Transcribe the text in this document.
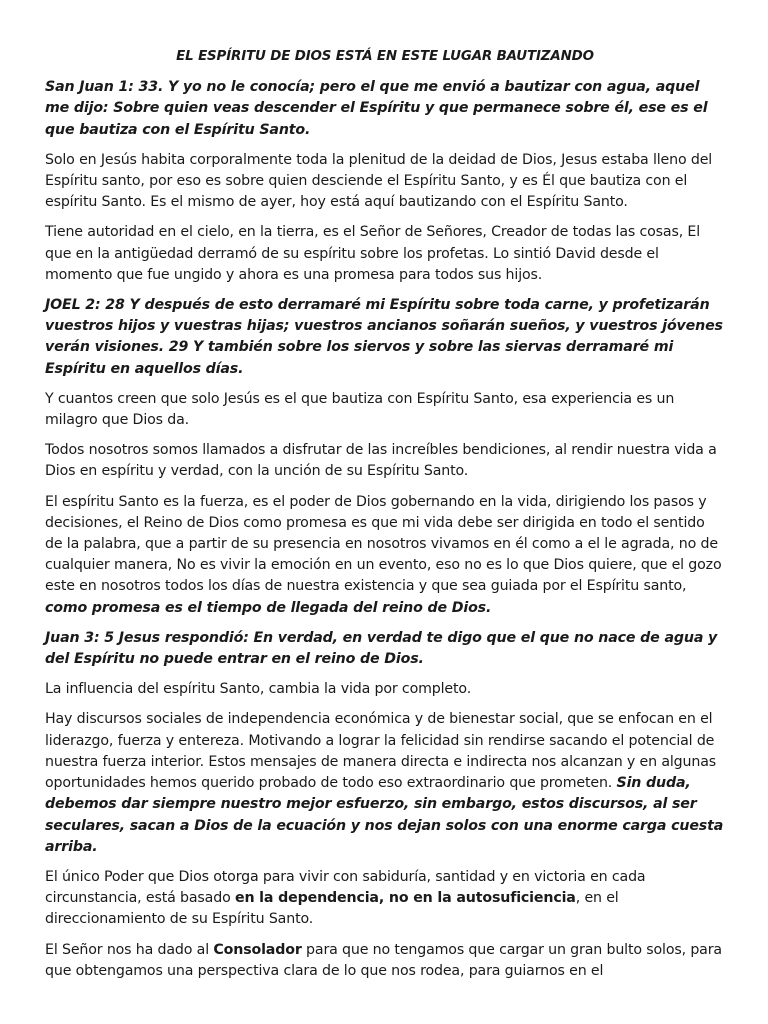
EL ESPÍRITU DE DIOS ESTÁ EN ESTE LUGAR BAUTIZANDO
San Juan 1: 33. Y yo no le conocía; pero el que me envió a bautizar con agua, aquel me dijo: Sobre quien veas descender el Espíritu y que permanece sobre él, ese es el que bautiza con el Espíritu Santo.
Solo en Jesús habita corporalmente toda la plenitud de la deidad de Dios, Jesus estaba lleno del Espíritu santo, por eso es sobre quien desciende el Espíritu Santo, y es Él que bautiza con el espíritu Santo. Es el mismo de ayer, hoy está aquí bautizando con el Espíritu Santo.
Tiene autoridad en el cielo, en la tierra, es el Señor de Señores, Creador de todas las cosas, El que en la antigüedad derramó de su espíritu sobre los profetas. Lo sintió David desde el momento que fue ungido y ahora es una promesa para todos sus hijos.
JOEL 2: 28 Y después de esto derramaré mi Espíritu sobre toda carne, y profetizarán vuestros hijos y vuestras hijas; vuestros ancianos soñarán sueños, y vuestros jóvenes verán visiones. 29 Y también sobre los siervos y sobre las siervas derramaré mi Espíritu en aquellos días.
Y cuantos creen que solo Jesús es el que bautiza con Espíritu Santo, esa experiencia es un milagro que Dios da.
Todos nosotros somos llamados a disfrutar de las increíbles bendiciones, al rendir nuestra vida a Dios en espíritu y verdad, con la unción de su Espíritu Santo.
El espíritu Santo es la fuerza, es el poder de Dios gobernando en la vida, dirigiendo los pasos y decisiones, el Reino de Dios como promesa es que mi vida debe ser dirigida en todo el sentido de la palabra, que a partir de su presencia en nosotros vivamos en él como a el le agrada, no de cualquier manera, No es vivir la emoción en un evento, eso no es lo que Dios quiere, que el gozo este en nosotros todos los días de nuestra existencia y que sea guiada por el Espíritu santo, como promesa es el tiempo de llegada del reino de Dios.
Juan 3: 5 Jesus respondió: En verdad, en verdad te digo que el que no nace de agua y del Espíritu no puede entrar en el reino de Dios.
La influencia del espíritu Santo, cambia la vida por completo.
Hay discursos sociales de independencia económica y de bienestar social, que se enfocan en el liderazgo, fuerza y entereza. Motivando a lograr la felicidad sin rendirse sacando el potencial de nuestra fuerza interior. Estos mensajes de manera directa e indirecta nos alcanzan y en algunas oportunidades hemos querido probado de todo eso extraordinario que prometen. Sin duda, debemos dar siempre nuestro mejor esfuerzo, sin embargo, estos discursos, al ser seculares, sacan a Dios de la ecuación y nos dejan solos con una enorme carga cuesta arriba.
El único Poder que Dios otorga para vivir con sabiduría, santidad y en victoria en cada circunstancia, está basado en la dependencia, no en la autosuficiencia, en el direccionamiento de su Espíritu Santo.
El Señor nos ha dado al Consolador para que no tengamos que cargar un gran bulto solos, para que obtengamos una perspectiva clara de lo que nos rodea, para guiarnos en el
